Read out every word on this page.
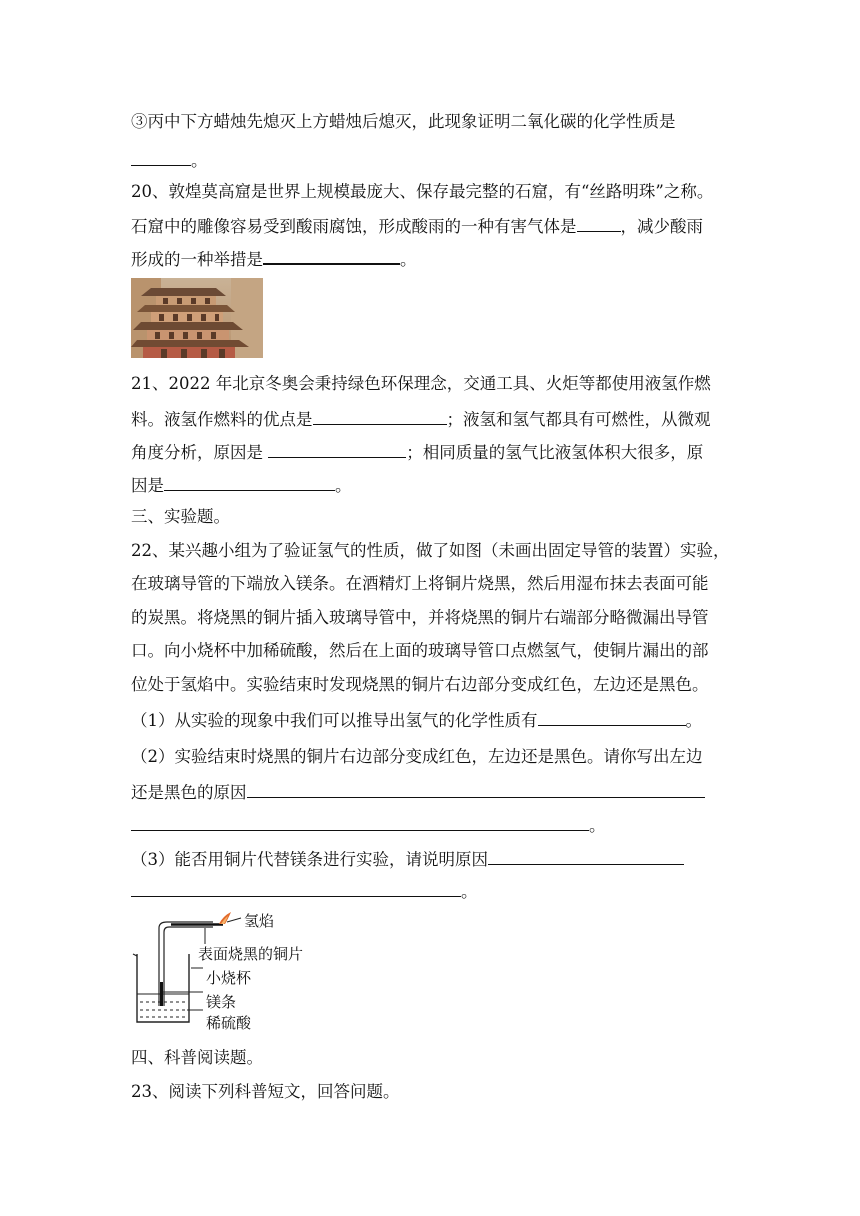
③丙中下方蜡烛先熄灭上方蜡烛后熄灭，此现象证明二氧化碳的化学性质是
。
20、敦煌莫高窟是世界上规模最庞大、保存最完整的石窟，有“丝路明珠”之称。
石窟中的雕像容易受到酸雨腐蚀，形成酸雨的一种有害气体是	，减少酸雨
形成的一种举措是	。
21、2022 年北京冬奥会秉持绿色环保理念，交通工具、火炬等都使用液氢作燃
料。液氢作燃料的优点是	；液氢和氢气都具有可燃性，从微观
角度分析，原因是	；相同质量的氢气比液氢体积大很多，原
因是	。
三、实验题。
22、某兴趣小组为了验证氢气的性质，做了如图（未画出固定导管的装置）实验，
在玻璃导管的下端放入镁条。在酒精灯上将铜片烧黑，然后用湿布抹去表面可能
的炭黑。将烧黑的铜片插入玻璃导管中，并将烧黑的铜片右端部分略微漏出导管
口。向小烧杯中加稀硫酸，然后在上面的玻璃导管口点燃氢气，使铜片漏出的部
位处于氢焰中。实验结束时发现烧黑的铜片右边部分变成红色，左边还是黑色。
（1）从实验的现象中我们可以推导出氢气的化学性质有	。
（2）实验结束时烧黑的铜片右边部分变成红色，左边还是黑色。请你写出左边
还是黑色的原因
。
（3）能否用铜片代替镁条进行实验，请说明原因
。
氢焰
表面烧黑的铜片
小烧杯
镁条
稀硫酸
四、科普阅读题。
23、阅读下列科普短文，回答问题。
